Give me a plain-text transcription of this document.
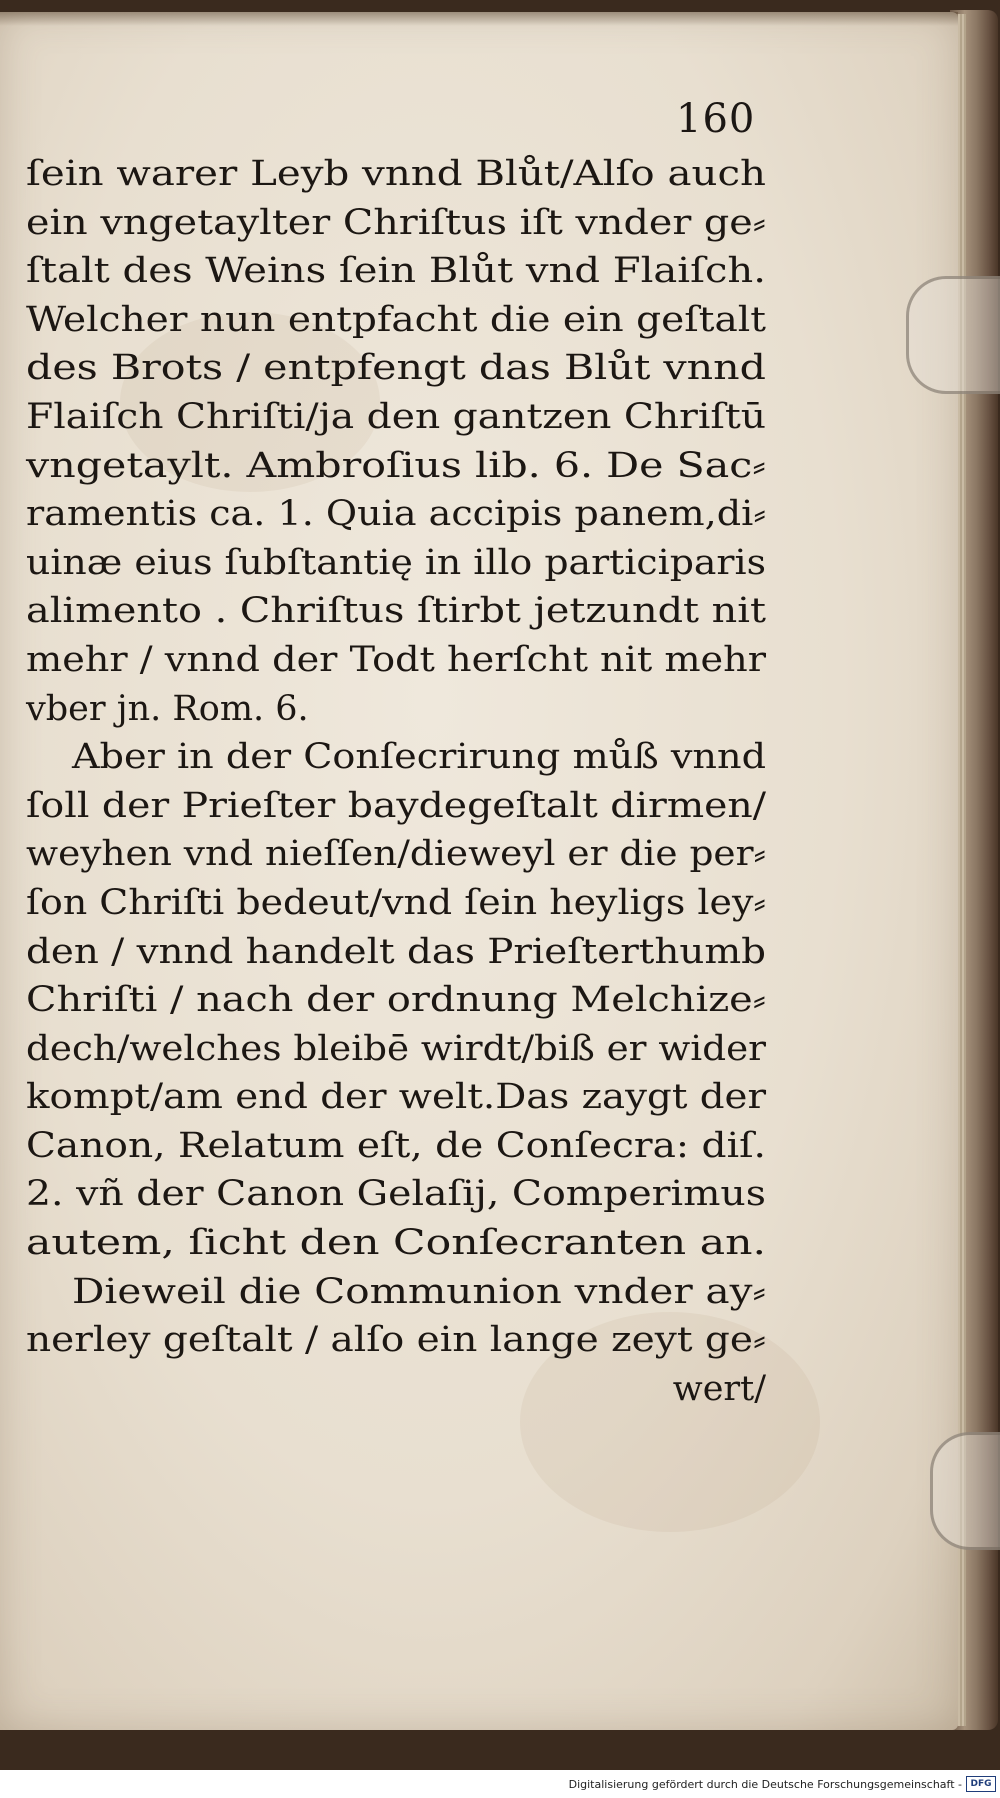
160
ſein warer Leyb vnnd Blůt/Alſo auch
ein vngetaylter Chriſtus iſt vnder ge⸗
ſtalt des Weins ſein Blůt vnd Flaiſch.
Welcher nun entpfacht die ein geſtalt
des Brots / entpfengt das Blůt vnnd
Flaiſch Chriſti/ja den gantzen Chriſtū
vngetaylt. Ambroſius lib. 6. De Sac⸗
ramentis ca. 1. Quia accipis panem,di⸗
uinæ eius ſubſtantię in illo participaris
alimento . Chriſtus ſtirbt jetzundt nit
mehr / vnnd der Todt herſcht nit mehr
vber jn. Rom. 6.
Aber in der Conſecrirung můß vnnd
ſoll der Prieſter baydegeſtalt dirmen/
weyhen vnd nieſſen/dieweyl er die per⸗
ſon Chriſti bedeut/vnd ſein heyligs ley⸗
den / vnnd handelt das Prieſterthumb
Chriſti / nach der ordnung Melchize⸗
dech/welches bleibē wirdt/biß er wider
kompt/am end der welt.Das zaygt der
Canon, Relatum eſt, de Conſecra: diſ.
2. vñ der Canon Gelaſij, Comperimus
autem, ſicht den Conſecranten an.
Dieweil die Communion vnder ay⸗
nerley geſtalt / alſo ein lange zeyt ge⸗
wert/
Digitalisierung gefördert durch die Deutsche Forschungsgemeinschaft - DFG
